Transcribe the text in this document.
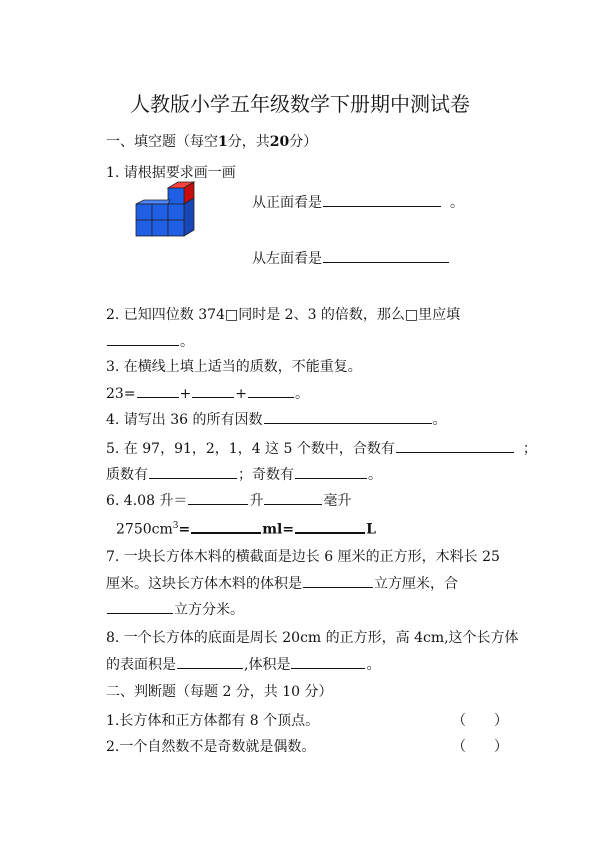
人教版小学五年级数学下册期中测试卷
一、填空题（每空1分，共20分）
1. 请根据要求画一画
从正面看是	。
从左面看是
2. 已知四位数 374□同时是 2、3 的倍数，那么□里应填
。
3. 在横线上填上适当的质数，不能重复。
23=	+	+	。
4. 请写出 36 的所有因数	。
5. 在 97，91，2，1，4 这 5 个数中，合数有	；
质数有	；奇数有	。
6. 4.08 升＝	升	毫升
$2750cm^3=$	ml=	L
7. 一块长方体木料的横截面是边长 6 厘米的正方形，木料长 25
厘米。这块长方体木料的体积是	立方厘米，合
立方分米。
8. 一个长方体的底面是周长 20cm 的正方形，高 4cm,这个长方体
的表面积是	,体积是	。
二、判断题（每题 2 分，共 10 分）
1.长方体和正方体都有 8 个顶点。	（　　）
2.一个自然数不是奇数就是偶数。	（　　）
